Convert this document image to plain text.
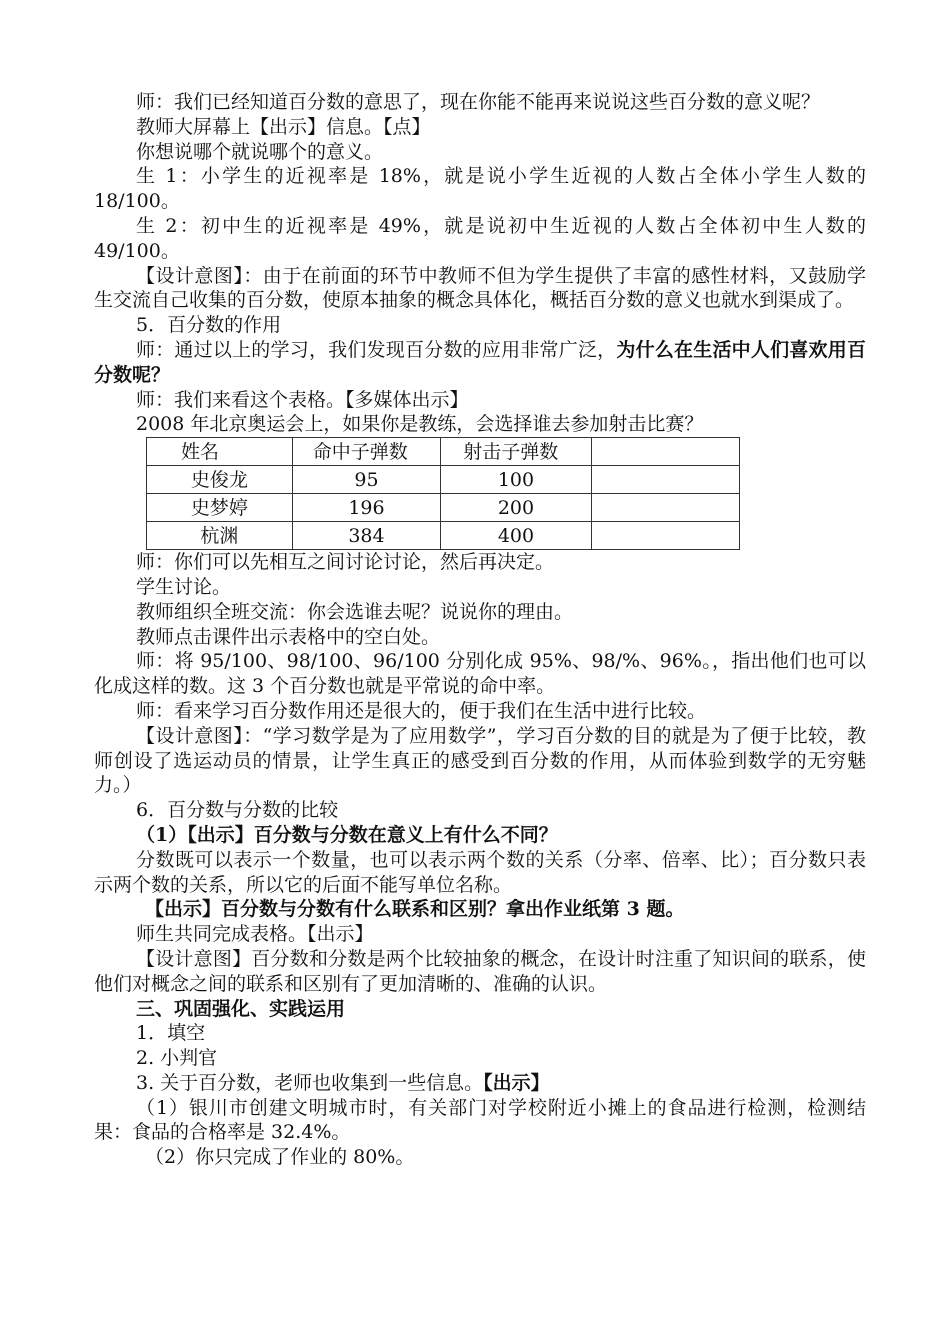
师：我们已经知道百分数的意思了，现在你能不能再来说说这些百分数的意义呢？

教师大屏幕上【出示】信息。【点】

你想说哪个就说哪个的意义。

生 1：小学生的近视率是 18%，就是说小学生近视的人数占全体小学生人数的 18/100。

生 2：初中生的近视率是 49%，就是说初中生近视的人数占全体初中生人数的 49/100。

【设计意图】：由于在前面的环节中教师不但为学生提供了丰富的感性材料，又鼓励学生交流自己收集的百分数，使原本抽象的概念具体化，概括百分数的意义也就水到渠成了。

5．百分数的作用

师：通过以上的学习，我们发现百分数的应用非常广泛，为什么在生活中人们喜欢用百分数呢？

师：我们来看这个表格。【多媒体出示】

2008 年北京奥运会上，如果你是教练，会选择谁去参加射击比赛？

姓名	命中子弹数	射击子弹数	
史俊龙	95	100	
史梦婷	196	200	
杭渊	384	400	

师：你们可以先相互之间讨论讨论，然后再决定。

学生讨论。

教师组织全班交流：你会选谁去呢？说说你的理由。

教师点击课件出示表格中的空白处。

师：将 95/100、98/100、96/100 分别化成 95%、98/%、96%。，指出他们也可以化成这样的数。这 3 个百分数也就是平常说的命中率。

师：看来学习百分数作用还是很大的，便于我们在生活中进行比较。

【设计意图】：“学习数学是为了应用数学”，学习百分数的目的就是为了便于比较，教师创设了选运动员的情景，让学生真正的感受到百分数的作用，从而体验到数学的无穷魅力。）

6．百分数与分数的比较

（1）【出示】百分数与分数在意义上有什么不同？

分数既可以表示一个数量，也可以表示两个数的关系（分率、倍率、比）；百分数只表示两个数的关系，所以它的后面不能写单位名称。

【出示】百分数与分数有什么联系和区别？拿出作业纸第 3 题。

师生共同完成表格。【出示】

【设计意图】百分数和分数是两个比较抽象的概念，在设计时注重了知识间的联系，使他们对概念之间的联系和区别有了更加清晰的、准确的认识。

三、巩固强化、实践运用

1．填空

2. 小判官

3. 关于百分数，老师也收集到一些信息。【出示】

（1）银川市创建文明城市时，有关部门对学校附近小摊上的食品进行检测，检测结果：食品的合格率是 32.4%。

（2）你只完成了作业的 80%。
